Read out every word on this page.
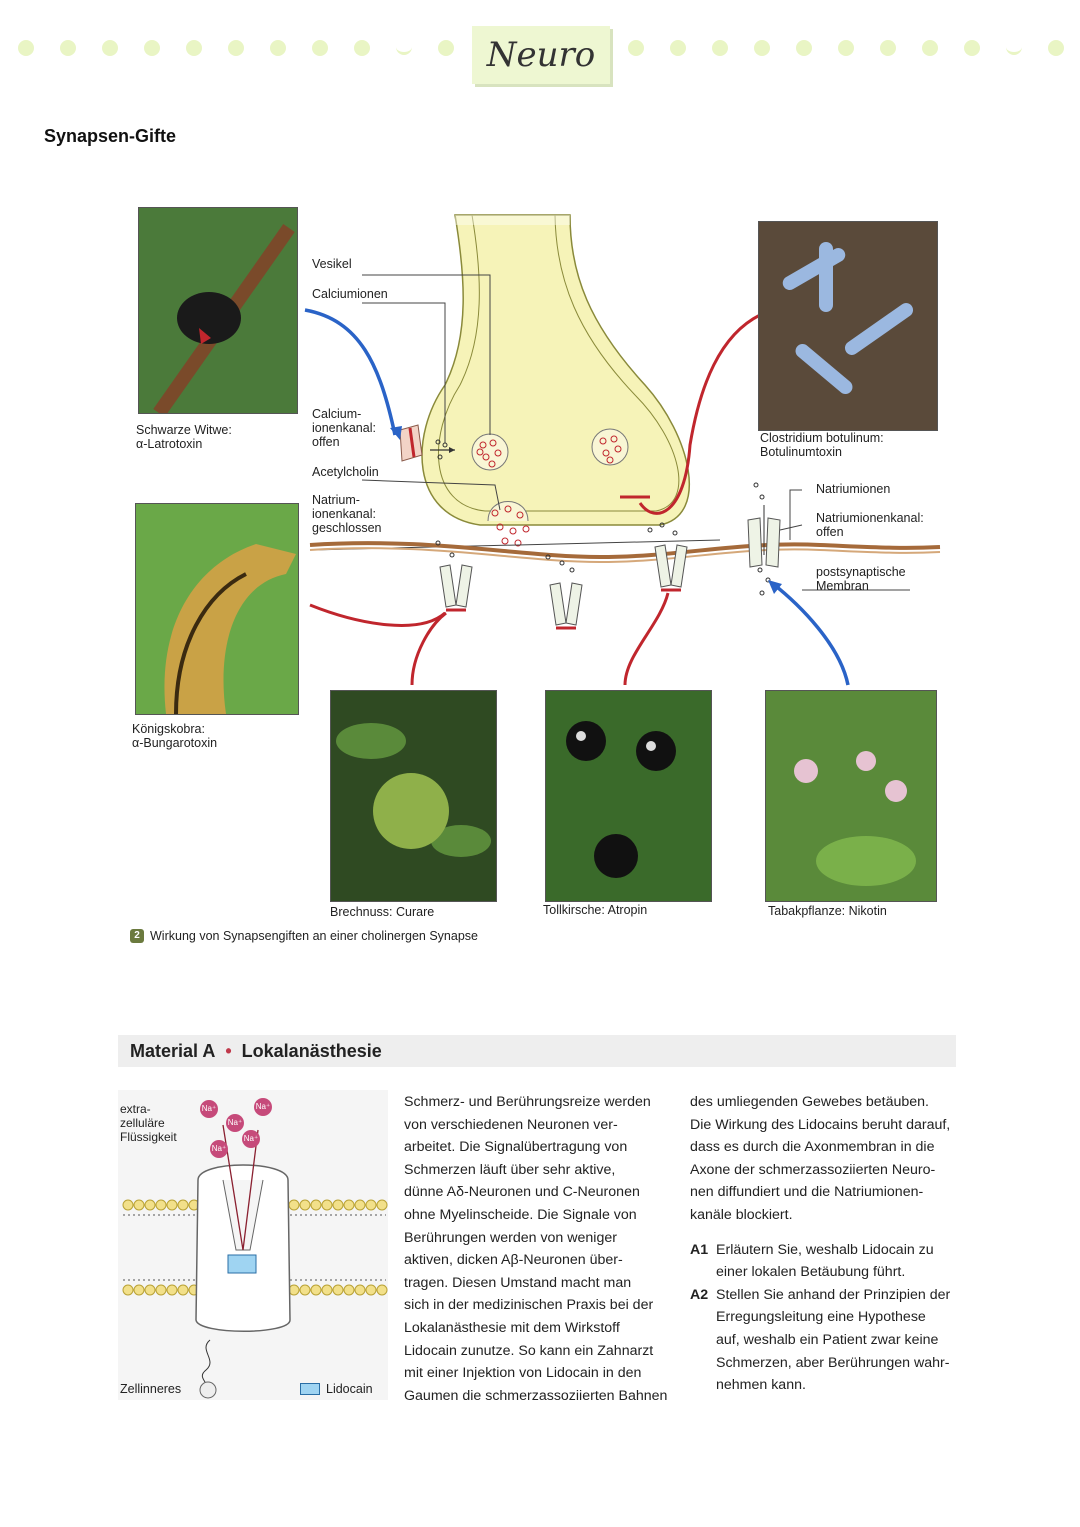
Neuro
Synapsen-Gifte
Vesikel
Calciumionen
Calcium-
ionenkanal:
offen
Acetylcholin
Natrium-
ionenkanal:
geschlossen
Natriumionen
Natriumionenkanal:
offen
postsynaptische
Membran
Schwarze Witwe:
α-Latrotoxin
Königskobra:
α-Bungarotoxin
Clostridium botulinum:
Botulinumtoxin
Brechnuss: Curare	Tollkirsche: Atropin	Tabakpflanze: Nikotin
2 Wirkung von Synapsengiften an einer cholinergen Synapse
Material A • Lokalanästhesie
extra-
zelluläre
Flüssigkeit
Na⁺
Na⁺
Na⁺
Na⁺
Na⁺
Zellinneres	Lidocain
Schmerz- und Berührungsreize werden
von verschiedenen Neuronen ver-
arbeitet. Die Signalübertragung von
Schmerzen läuft über sehr aktive,
dünne Aδ-Neuronen und C-Neuronen
ohne Myelinscheide. Die Signale von
Berührungen werden von weniger
aktiven, dicken Aβ-Neuronen über-
tragen. Diesen Umstand macht man
sich in der medizinischen Praxis bei der
Lokalanästhesie mit dem Wirkstoff
Lidocain zunutze. So kann ein Zahnarzt
mit einer Injektion von Lidocain in den
Gaumen die schmerzassoziierten Bahnen
des umliegenden Gewebes betäuben.
Die Wirkung des Lidocains beruht darauf,
dass es durch die Axonmembran in die
Axone der schmerzassoziierten Neuro-
nen diffundiert und die Natriumionen-
kanäle blockiert.
A1 Erläutern Sie, weshalb Lidocain zu
einer lokalen Betäubung führt.
A2 Stellen Sie anhand der Prinzipien der
Erregungsleitung eine Hypothese
auf, weshalb ein Patient zwar keine
Schmerzen, aber Berührungen wahr-
nehmen kann.
